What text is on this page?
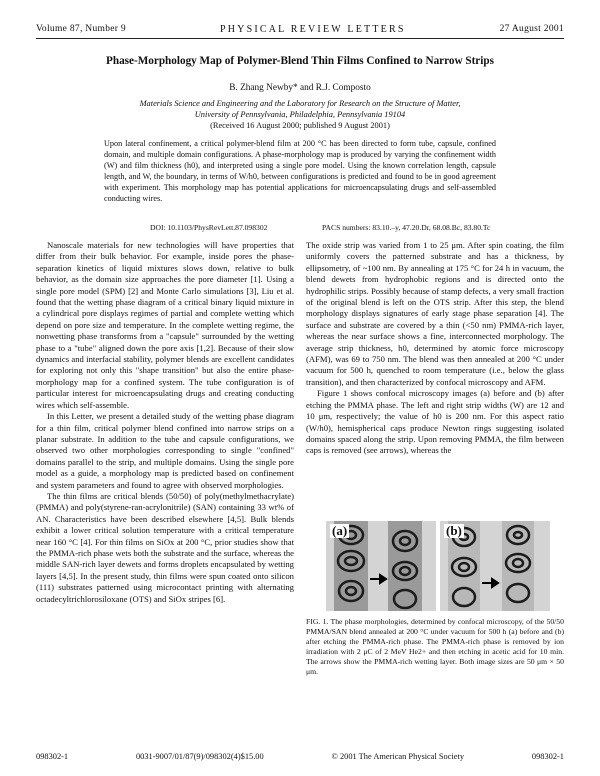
Volume 87, Number 9	PHYSICAL REVIEW LETTERS	27 August 2001
Phase-Morphology Map of Polymer-Blend Thin Films Confined to Narrow Strips
B. Zhang Newby* and R.J. Composto
Materials Science and Engineering and the Laboratory for Research on the Structure of Matter,
University of Pennsylvania, Philadelphia, Pennsylvania 19104
(Received 16 August 2000; published 9 August 2001)
Upon lateral confinement, a critical polymer-blend film at 200 °C has been directed to form tube, capsule, confined domain, and multiple domain configurations. A phase-morphology map is produced by varying the confinement width (W) and film thickness (h0), and interpreted using a single pore model. Using the known correlation length, capsule length, and W, the boundary, in terms of W/h0, between configurations is predicted and found to be in good agreement with experiment. This morphology map has potential applications for microencapsulating drugs and self-assembled conducting wires.
DOI: 10.1103/PhysRevLett.87.098302	PACS numbers: 83.10.–y, 47.20.Dr, 68.08.Bc, 83.80.Tc

Nanoscale materials for new technologies will have properties that differ from their bulk behavior. For example, inside pores the phase-separation kinetics of liquid mixtures slows down, relative to bulk behavior, as the domain size approaches the pore diameter [1]. Using a single pore model (SPM) [2] and Monte Carlo simulations [3], Liu et al. found that the wetting phase diagram of a critical binary liquid mixture in a cylindrical pore displays regimes of partial and complete wetting which depend on pore size and temperature. In the complete wetting regime, the nonwetting phase transforms from a "capsule" surrounded by the wetting phase to a "tube" aligned down the pore axis [1,2]. Because of their slow dynamics and interfacial stability, polymer blends are excellent candidates for exploring not only this "shape transition" but also the entire phase-morphology map for a confined system. The tube configuration is of particular interest for microencapsulating drugs and creating conducting wires which self-assemble.

In this Letter, we present a detailed study of the wetting phase diagram for a thin film, critical polymer blend confined into narrow strips on a planar substrate. In addition to the tube and capsule configurations, we observed two other morphologies corresponding to single "confined" domains parallel to the strip, and multiple domains. Using the single pore model as a guide, a morphology map is predicted based on confinement and system parameters and found to agree with observed morphologies.

The thin films are critical blends (50/50) of poly(methylmethacrylate) (PMMA) and poly(styrene-ran-acrylonitrile) (SAN) containing 33 wt% of AN. Characteristics have been described elsewhere [4,5]. Bulk blends exhibit a lower critical solution temperature with a critical temperature near 160 °C [4]. For thin films on SiOx at 200 °C, prior studies show that the PMMA-rich phase wets both the substrate and the surface, whereas the middle SAN-rich layer dewets and forms droplets encapsulated by wetting layers [4,5]. In the present study, thin films were spun coated onto silicon (111) substrates patterned using microcontact printing with alternating octadecyltrichlorosiloxane (OTS) and SiOx stripes [6].

The oxide strip was varied from 1 to 25 μm. After spin coating, the film uniformly covers the patterned substrate and has a thickness, by ellipsometry, of ~100 nm. By annealing at 175 °C for 24 h in vacuum, the blend dewets from hydrophobic regions and is directed onto the hydrophilic strips. Possibly because of stamp defects, a very small fraction of the original blend is left on the OTS strip. After this step, the blend morphology displays signatures of early stage phase separation [4]. The surface and substrate are covered by a thin (<50 nm) PMMA-rich layer, whereas the near surface shows a fine, interconnected morphology. The average strip thickness, h0, determined by atomic force microscopy (AFM), was 69 to 750 nm. The blend was then annealed at 200 °C under vacuum for 500 h, quenched to room temperature (i.e., below the glass transition), and then characterized by confocal microscopy and AFM.

Figure 1 shows confocal microscopy images (a) before and (b) after etching the PMMA phase. The left and right strip widths (W) are 12 and 10 μm, respectively; the value of h0 is 200 nm. For this aspect ratio (W/h0), hemispherical caps produce Newton rings suggesting isolated domains spaced along the strip. Upon removing PMMA, the film between caps is removed (see arrows), whereas the

(a)	(b)
FIG. 1. The phase morphologies, determined by confocal microscopy, of the 50/50 PMMA/SAN blend annealed at 200 °C under vacuum for 500 h (a) before and (b) after etching the PMMA-rich phase. The PMMA-rich phase is removed by ion irradiation with 2 μC of 2 MeV He2+ and then etching in acetic acid for 10 min. The arrows show the PMMA-rich wetting layer. Both image sizes are 50 μm × 50 μm.
098302-1	0031-9007/01/87(9)/098302(4)$15.00	© 2001 The American Physical Society	098302-1
